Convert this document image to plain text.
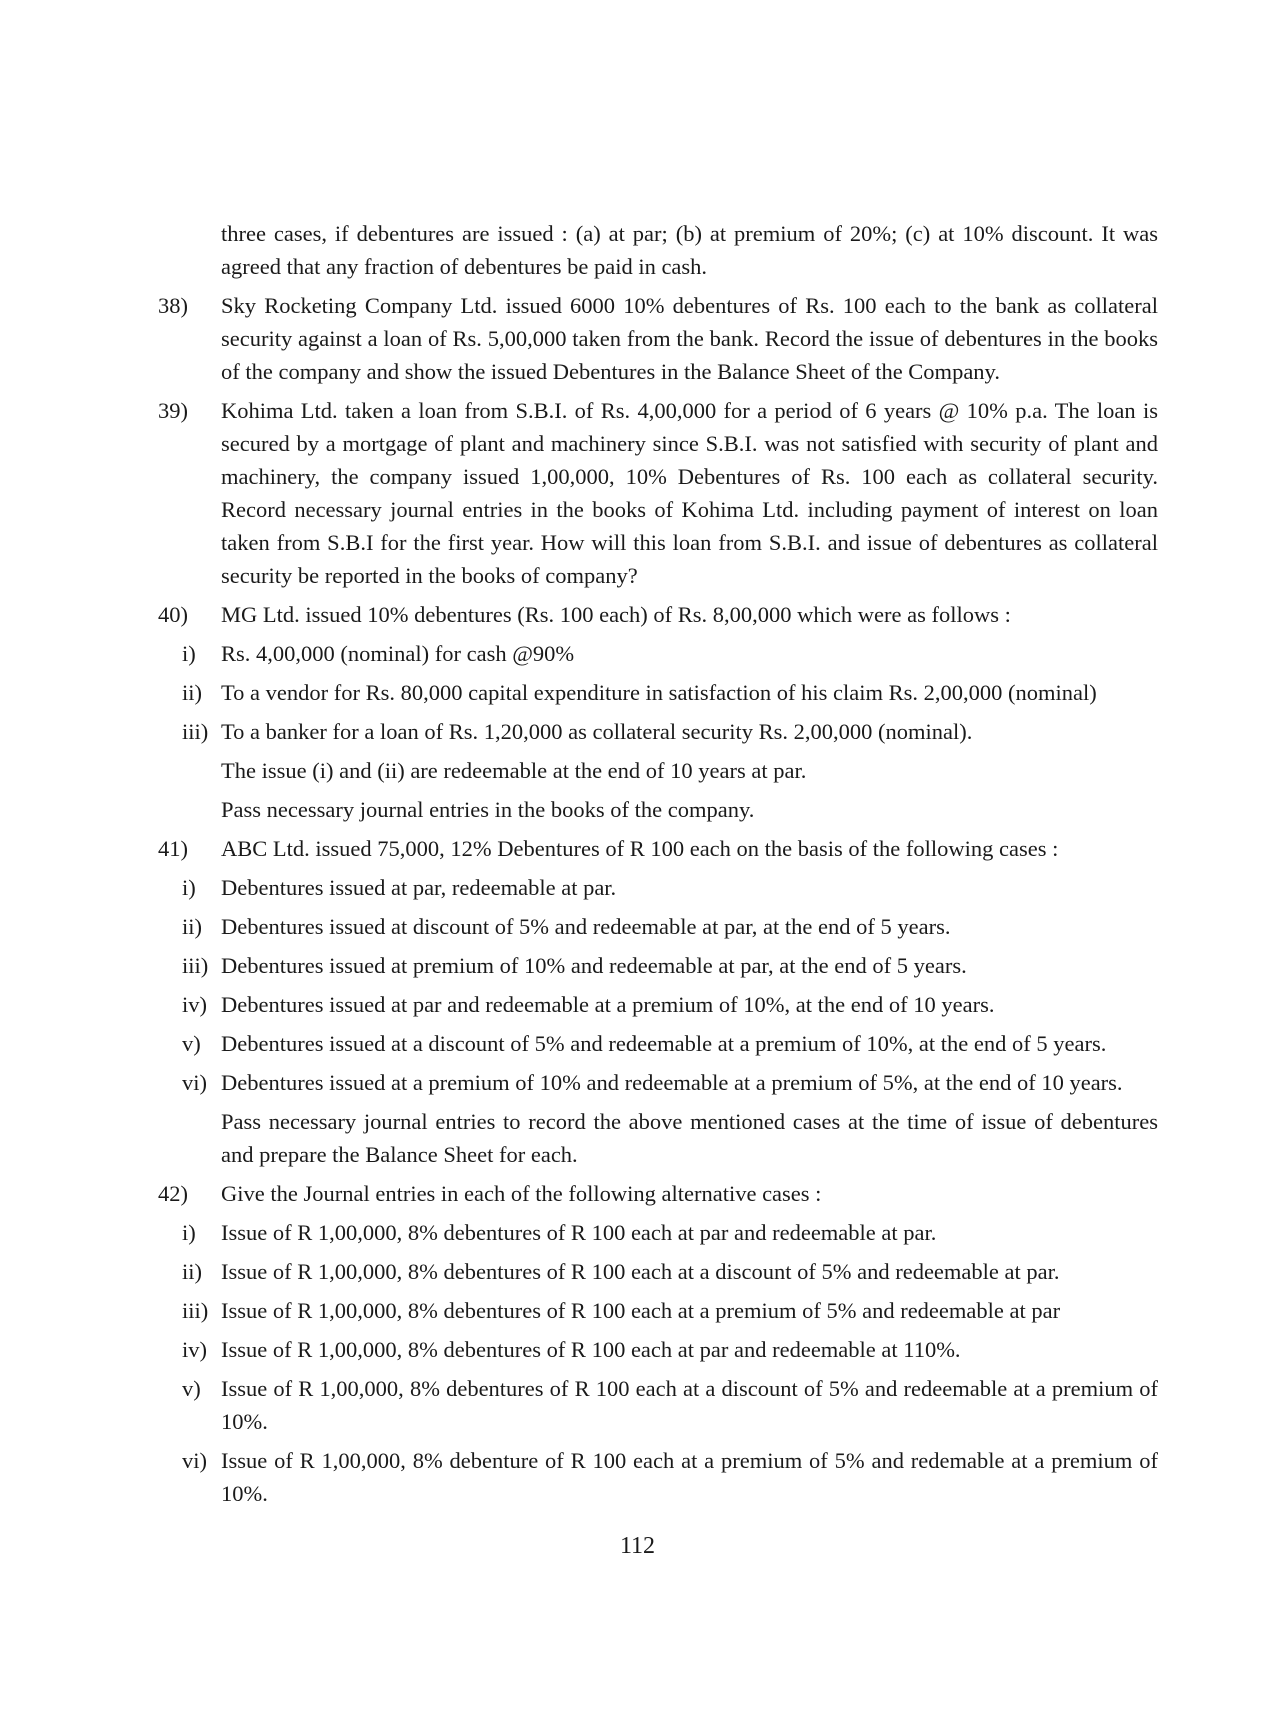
three cases, if debentures are issued : (a) at par; (b) at premium of 20%; (c) at 10% discount. It was agreed that any fraction of debentures be paid in cash.
38)	Sky Rocketing Company Ltd. issued 6000 10% debentures of Rs. 100 each to the bank as collateral security against a loan of Rs. 5,00,000 taken from the bank. Record the issue of debentures in the books of the company and show the issued Debentures in the Balance Sheet of the Company.
39)	Kohima Ltd. taken a loan from S.B.I. of Rs. 4,00,000 for a period of 6 years @ 10% p.a. The loan is secured by a mortgage of plant and machinery since S.B.I. was not satisfied with security of plant and machinery, the company issued 1,00,000, 10% Debentures of Rs. 100 each as collateral security. Record necessary journal entries in the books of Kohima Ltd. including payment of interest on loan taken from S.B.I for the first year. How will this loan from S.B.I. and issue of debentures as collateral security be reported in the books of company?
40)	MG Ltd. issued 10% debentures (Rs. 100 each) of Rs. 8,00,000 which were as follows :
i)	Rs. 4,00,000 (nominal) for cash @90%
ii) To a vendor for Rs. 80,000 capital expenditure in satisfaction of his claim Rs. 2,00,000 (nominal)
iii) To a banker for a loan of Rs. 1,20,000 as collateral security Rs. 2,00,000 (nominal).
The issue (i) and (ii) are redeemable at the end of 10 years at par.
Pass necessary journal entries in the books of the company.
41)	ABC Ltd. issued 75,000, 12% Debentures of R 100 each on the basis of the following cases :
i)	Debentures issued at par, redeemable at par.
ii) Debentures issued at discount of 5% and redeemable at par, at the end of 5 years.
iii) Debentures issued at premium of 10% and redeemable at par, at the end of 5 years.
iv) Debentures issued at par and redeemable at a premium of 10%, at the end of 10 years.
v) Debentures issued at a discount of 5% and redeemable at a premium of 10%, at the end of 5 years.
vi) Debentures issued at a premium of 10% and redeemable at a premium of 5%, at the end of 10 years.
Pass necessary journal entries to record the above mentioned cases at the time of issue of debentures and prepare the Balance Sheet for each.
42)	Give the Journal entries in each of the following alternative cases :
i)	Issue of R 1,00,000, 8% debentures of R 100 each at par and redeemable at par.
ii) Issue of R 1,00,000, 8% debentures of R 100 each at a discount of 5% and redeemable at par.
iii) Issue of R 1,00,000, 8% debentures of R 100 each at a premium of 5% and redeemable at par
iv) Issue of R 1,00,000, 8% debentures of R 100 each at par and redeemable at 110%.
v) Issue of R 1,00,000, 8% debentures of R 100 each at a discount of 5% and redeemable at a premium of 10%.
vi) Issue of R 1,00,000, 8% debenture of R 100 each at a premium of 5% and redemable at a premium of 10%.
112
